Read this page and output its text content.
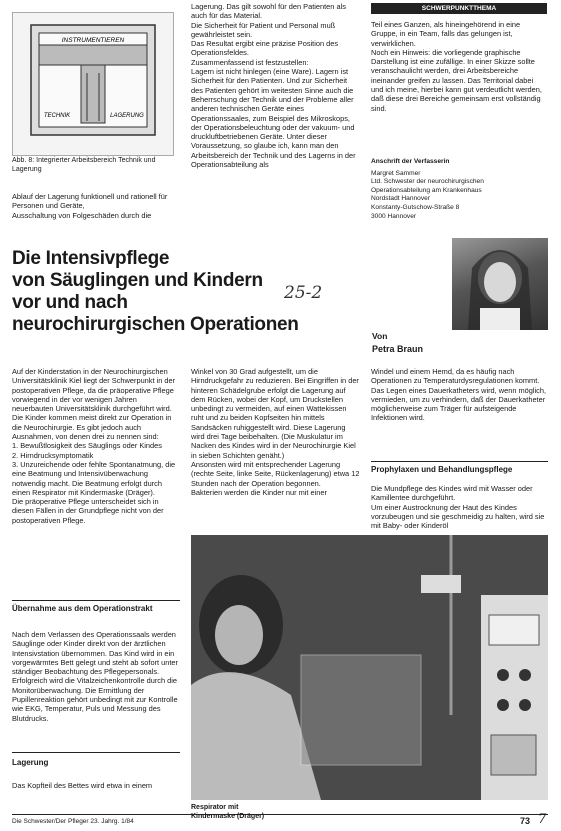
INSTRUMENTIEREN
TECHNIK	LAGERUNG
Abb. 8: Integrierter Arbeitsbereich Technik und Lagerung

Ablauf der Lagerung funktionell und rationell für Personen und Geräte,

Ausschaltung von Folgeschäden durch die

Lagerung. Das gilt sowohl für den Patienten als auch für das Material.

Die Sicherheit für Patient und Personal muß gewährleistet sein.

Das Resultat ergibt eine präzise Position des Operationsfeldes.

Zusammenfassend ist festzustellen:

Lagern ist nicht hinlegen (eine Ware). Lagern ist Sicherheit für den Patienten. Und zur Sicherheit des Patienten gehört im weitesten Sinne auch die Beherrschung der Technik und der Probleme aller anderen technischen Geräte eines Operationssaales, zum Beispiel des Mikroskops, der Operationsbeleuchtung oder der vakuum- und druckluftbetriebenen Geräte. Unter dieser Voraussetzung, so glaube ich, kann man den Arbeitsbereich der Technik und des Lagerns in der Operationsabteilung als

SCHWERPUNKTTHEMA

Teil eines Ganzen, als hineingehörend in eine Gruppe, in ein Team, falls das gelungen ist, verwirklichen.

Noch ein Hinweis: die vorliegende graphische Darstellung ist eine zufällige. In einer Skizze sollte veranschaulicht werden, drei Arbeitsbereiche ineinander greifen zu lassen. Das Territorial dabei und ich meine, hierbei kann gut verdeutlicht werden, daß diese drei Bereiche gemeinsam erst vollständig sind.

Anschrift der Verfasserin
Margret Sammer
Ltd. Schwester der neurochirurgischen
Operationsabteilung am Krankenhaus
Nordstadt Hannover
Konstanty-Gutschow-Straße 8
3000 Hannover
Die Intensivpflege
von Säuglingen und Kindern
vor und nach
neurochirurgischen Operationen
25-2
Von
Petra Braun

Auf der Kinderstation in der Neurochirurgischen Universitätsklinik Kiel liegt der Schwerpunkt in der postoperativen Pflege, da die präoperative Pflege vorwiegend in der vor wenigen Jahren neuerbauten Universitätsklinik durchgeführt wird.

Die Kinder kommen meist direkt zur Operation in die Neurochirurgie. Es gibt jedoch auch Ausnahmen, von denen drei zu nennen sind:

1. Bewußtlosigkeit des Säuglings oder Kindes

2. Hirndrucksymptomatik

3. Unzureichende oder fehlte Spontanatmung, die eine Beatmung und Intensivüberwachung notwendig macht. Die Beatmung erfolgt durch einen Respirator mit Kindermaske (Dräger).

Die präoperative Pflege unterscheidet sich in diesen Fällen in der Grundpflege nicht von der postoperativen Pflege.

Übernahme aus dem Operationstrakt

Nach dem Verlassen des Operationssaals werden Säuglinge oder Kinder direkt von der ärztlichen Intensivstation übernommen. Das Kind wird in ein vorgewärmtes Bett gelegt und steht ab sofort unter ständiger Beobachtung des Pflegepersonals. Erfolgreich wird die Vitalzeichenkontrolle durch die Monitorüberwachung. Die Ermittlung der Pupillenreaktion gehört unbedingt mit zur Kontrolle wie EKG, Temperatur, Puls und Messung des Blutdrucks.

Lagerung

Das Kopfteil des Bettes wird etwa in einem

Winkel von 30 Grad aufgestellt, um die Hirndruckgefahr zu reduzieren. Bei Eingriffen in der hinteren Schädelgrube erfolgt die Lagerung auf dem Rücken, wobei der Kopf, um Druckstellen unbedingt zu vermeiden, auf einen Wattekissen ruht und zu beiden Kopfseiten hin mittels Sandsäcken ruhiggestellt wird. Diese Lagerung wird drei Tage beibehalten. (Die Muskulatur im Nacken des Kindes wird in der Neurochirurgie Kiel in sieben Schichten genäht.)

Ansonsten wird mit entsprechender Lagerung (rechte Seite, linke Seite, Rückenlagerung) etwa 12 Stunden nach der Operation begonnen.

Bakterien werden die Kinder nur mit einer

Respirator mit Kindermaske (Dräger)

Windel und einem Hemd, da es häufig nach Operationen zu Temperaturdysregulationen kommt. Das Legen eines Dauerkatheters wird, wenn möglich, vermieden, um zu verhindern, daß der Dauerkatheter möglicherweise zum Träger für aufsteigende Infektionen wird.

Prophylaxen und Behandlungspflege

Die Mundpflege des Kindes wird mit Wasser oder Kamillentee durchgeführt.

Um einer Austrocknung der Haut des Kindes vorzubeugen und sie geschmeidig zu halten, wird sie mit Baby- oder Kinderöl

Die Schwester/Der Pfleger 23. Jahrg. 1/84	73 7
